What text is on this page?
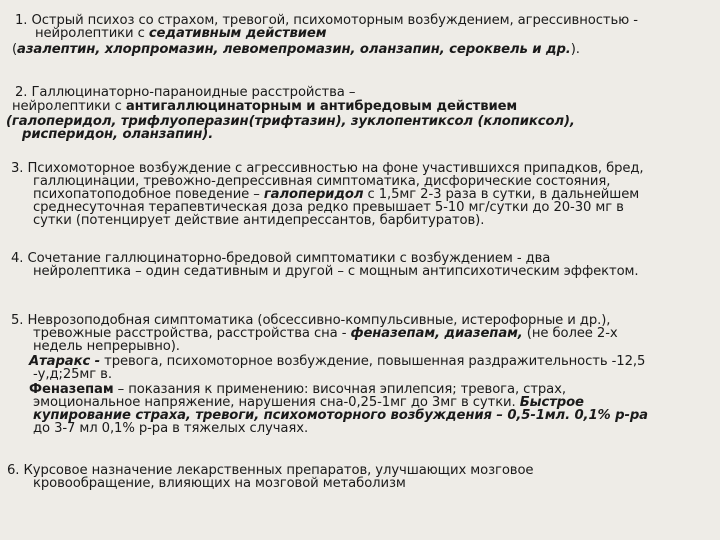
1. Острый психоз со страхом, тревогой, психомоторным возбуждением, агрессивностью -
нейролептики с седативным действием
(азалептин, хлорпромазин, левомепромазин, оланзапин, сероквель и др.).
2. Галлюцинаторно-параноидные расстройства –
нейролептики с антигаллюцинаторным и антибредовым действием
(галоперидол, трифлуоперазин(трифтазин), зуклопентиксол (клопиксол),
рисперидон, оланзапин).
3. Психомоторное возбуждение с агрессивностью на фоне участившихся припадков, бред,
галлюцинации, тревожно-депрессивная симптоматика, дисфорические состояния,
психопатоподобное поведение – галоперидол с 1,5мг 2-3 раза в сутки, в дальнейшем
среднесуточная терапевтическая доза редко превышает 5-10 мг/сутки до 20-30 мг в
сутки (потенцирует действие антидепрессантов, барбитуратов).
4. Сочетание галлюцинаторно-бредовой симптоматики с возбуждением - два
нейролептика – один седативным и другой – с мощным антипсихотическим эффектом.
5. Неврозоподобная симптоматика (обсессивно-компульсивные, истерофорные и др.),
тревожные расстройства, расстройства сна - феназепам, диазепам, (не более 2-х
недель непрерывно).
Атаракс - тревога, психомоторное возбуждение, повышенная раздражительность -12,5
-у,д;25мг в.
Феназепам – показания к применению: височная эпилепсия; тревога, страх,
эмоциональное напряжение, нарушения сна-0,25-1мг до 3мг в сутки. Быстрое
купирование страха, тревоги, психомоторного возбуждения – 0,5-1мл. 0,1% р-ра
до 3-7 мл 0,1% р-ра в тяжелых случаях.
6. Курсовое назначение лекарственных препаратов, улучшающих мозговое
кровообращение, влияющих на мозговой метаболизм
